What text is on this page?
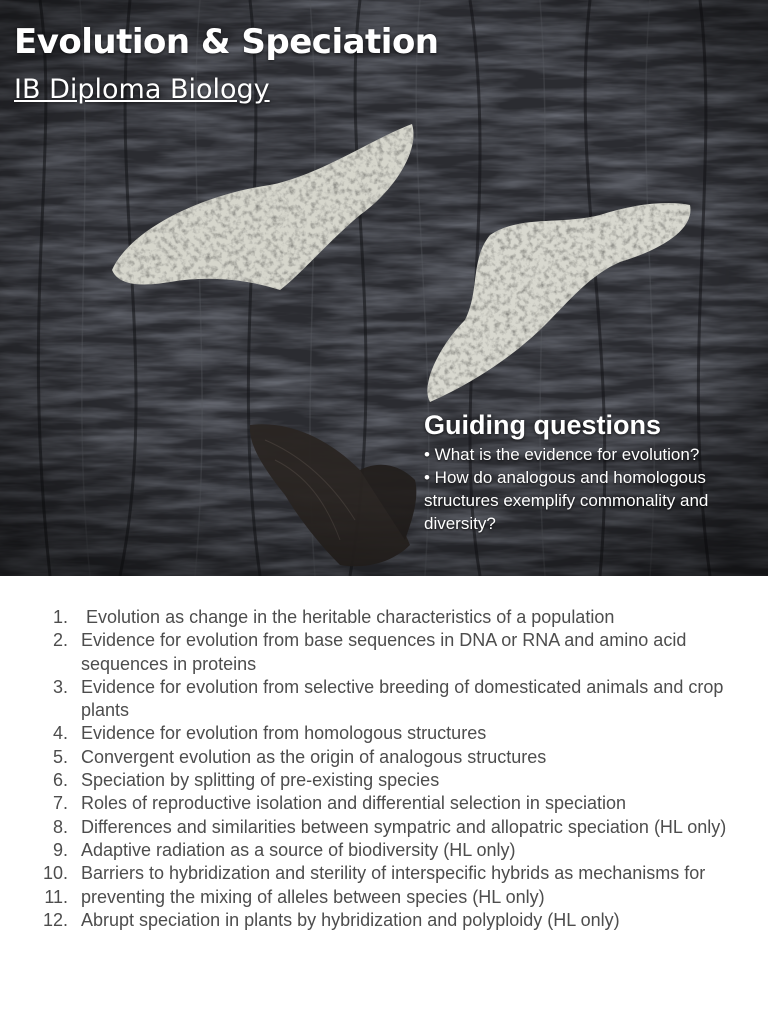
Evolution & Speciation

IB Diploma Biology

Guiding questions

• What is the evidence for evolution?

• How do analogous and homologous structures exemplify commonality and diversity?

1. Evolution as change in the heritable characteristics of a population
2. Evidence for evolution from base sequences in DNA or RNA and amino acid sequences in proteins
3. Evidence for evolution from selective breeding of domesticated animals and crop plants
4. Evidence for evolution from homologous structures
5. Convergent evolution as the origin of analogous structures
6. Speciation by splitting of pre-existing species
7. Roles of reproductive isolation and differential selection in speciation
8. Differences and similarities between sympatric and allopatric speciation (HL only)
9. Adaptive radiation as a source of biodiversity (HL only)
10. Barriers to hybridization and sterility of interspecific hybrids as mechanisms for
11. preventing the mixing of alleles between species (HL only)
12. Abrupt speciation in plants by hybridization and polyploidy (HL only)
